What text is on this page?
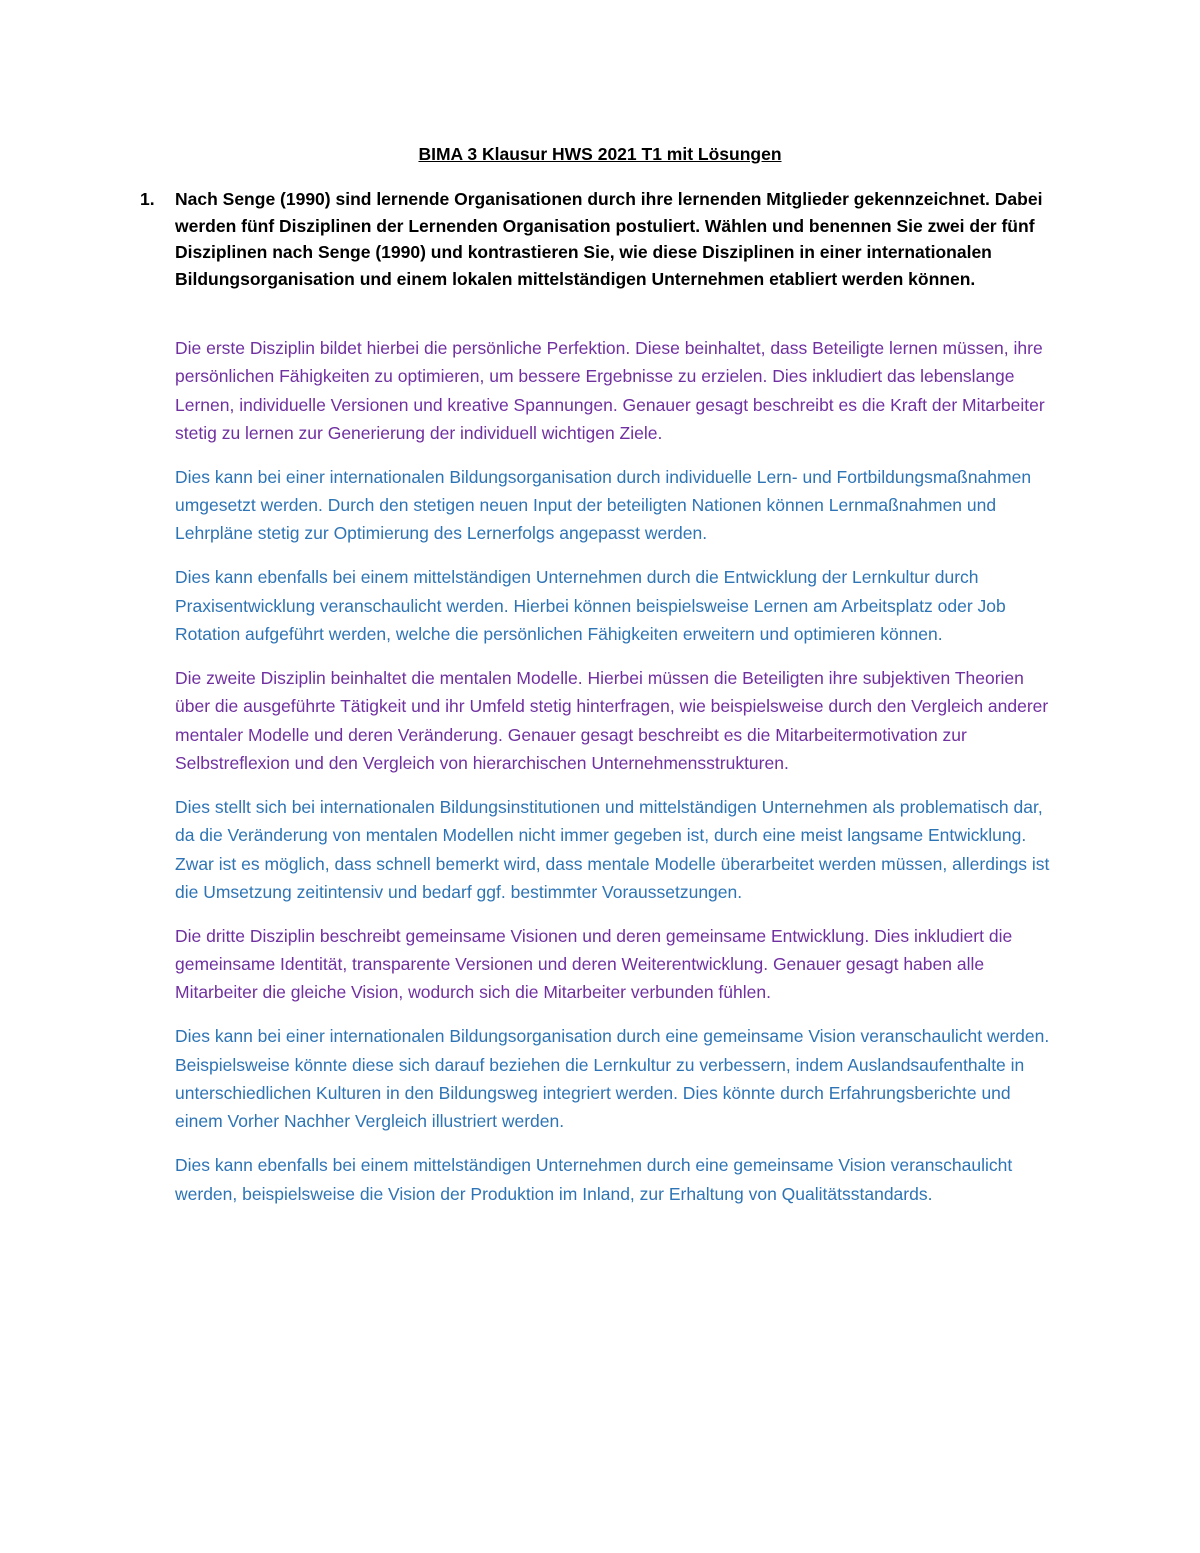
BIMA 3 Klausur HWS 2021 T1 mit Lösungen
1. Nach Senge (1990) sind lernende Organisationen durch ihre lernenden Mitglieder gekennzeichnet. Dabei werden fünf Disziplinen der Lernenden Organisation postuliert. Wählen und benennen Sie zwei der fünf Disziplinen nach Senge (1990) und kontrastieren Sie, wie diese Disziplinen in einer internationalen Bildungsorganisation und einem lokalen mittelständigen Unternehmen etabliert werden können.

Die erste Disziplin bildet hierbei die persönliche Perfektion. Diese beinhaltet, dass Beteiligte lernen müssen, ihre persönlichen Fähigkeiten zu optimieren, um bessere Ergebnisse zu erzielen. Dies inkludiert das lebenslange Lernen, individuelle Versionen und kreative Spannungen. Genauer gesagt beschreibt es die Kraft der Mitarbeiter stetig zu lernen zur Generierung der individuell wichtigen Ziele.

Dies kann bei einer internationalen Bildungsorganisation durch individuelle Lern- und Fortbildungsmaßnahmen umgesetzt werden. Durch den stetigen neuen Input der beteiligten Nationen können Lernmaßnahmen und Lehrpläne stetig zur Optimierung des Lernerfolgs angepasst werden.

Dies kann ebenfalls bei einem mittelständigen Unternehmen durch die Entwicklung der Lernkultur durch Praxisentwicklung veranschaulicht werden. Hierbei können beispielsweise Lernen am Arbeitsplatz oder Job Rotation aufgeführt werden, welche die persönlichen Fähigkeiten erweitern und optimieren können.

Die zweite Disziplin beinhaltet die mentalen Modelle. Hierbei müssen die Beteiligten ihre subjektiven Theorien über die ausgeführte Tätigkeit und ihr Umfeld stetig hinterfragen, wie beispielsweise durch den Vergleich anderer mentaler Modelle und deren Veränderung. Genauer gesagt beschreibt es die Mitarbeitermotivation zur Selbstreflexion und den Vergleich von hierarchischen Unternehmensstrukturen.

Dies stellt sich bei internationalen Bildungsinstitutionen und mittelständigen Unternehmen als problematisch dar, da die Veränderung von mentalen Modellen nicht immer gegeben ist, durch eine meist langsame Entwicklung. Zwar ist es möglich, dass schnell bemerkt wird, dass mentale Modelle überarbeitet werden müssen, allerdings ist die Umsetzung zeitintensiv und bedarf ggf. bestimmter Voraussetzungen.

Die dritte Disziplin beschreibt gemeinsame Visionen und deren gemeinsame Entwicklung. Dies inkludiert die gemeinsame Identität, transparente Versionen und deren Weiterentwicklung. Genauer gesagt haben alle Mitarbeiter die gleiche Vision, wodurch sich die Mitarbeiter verbunden fühlen.

Dies kann bei einer internationalen Bildungsorganisation durch eine gemeinsame Vision veranschaulicht werden. Beispielsweise könnte diese sich darauf beziehen die Lernkultur zu verbessern, indem Auslandsaufenthalte in unterschiedlichen Kulturen in den Bildungsweg integriert werden. Dies könnte durch Erfahrungsberichte und einem Vorher Nachher Vergleich illustriert werden.

Dies kann ebenfalls bei einem mittelständigen Unternehmen durch eine gemeinsame Vision veranschaulicht werden, beispielsweise die Vision der Produktion im Inland, zur Erhaltung von Qualitätsstandards.
